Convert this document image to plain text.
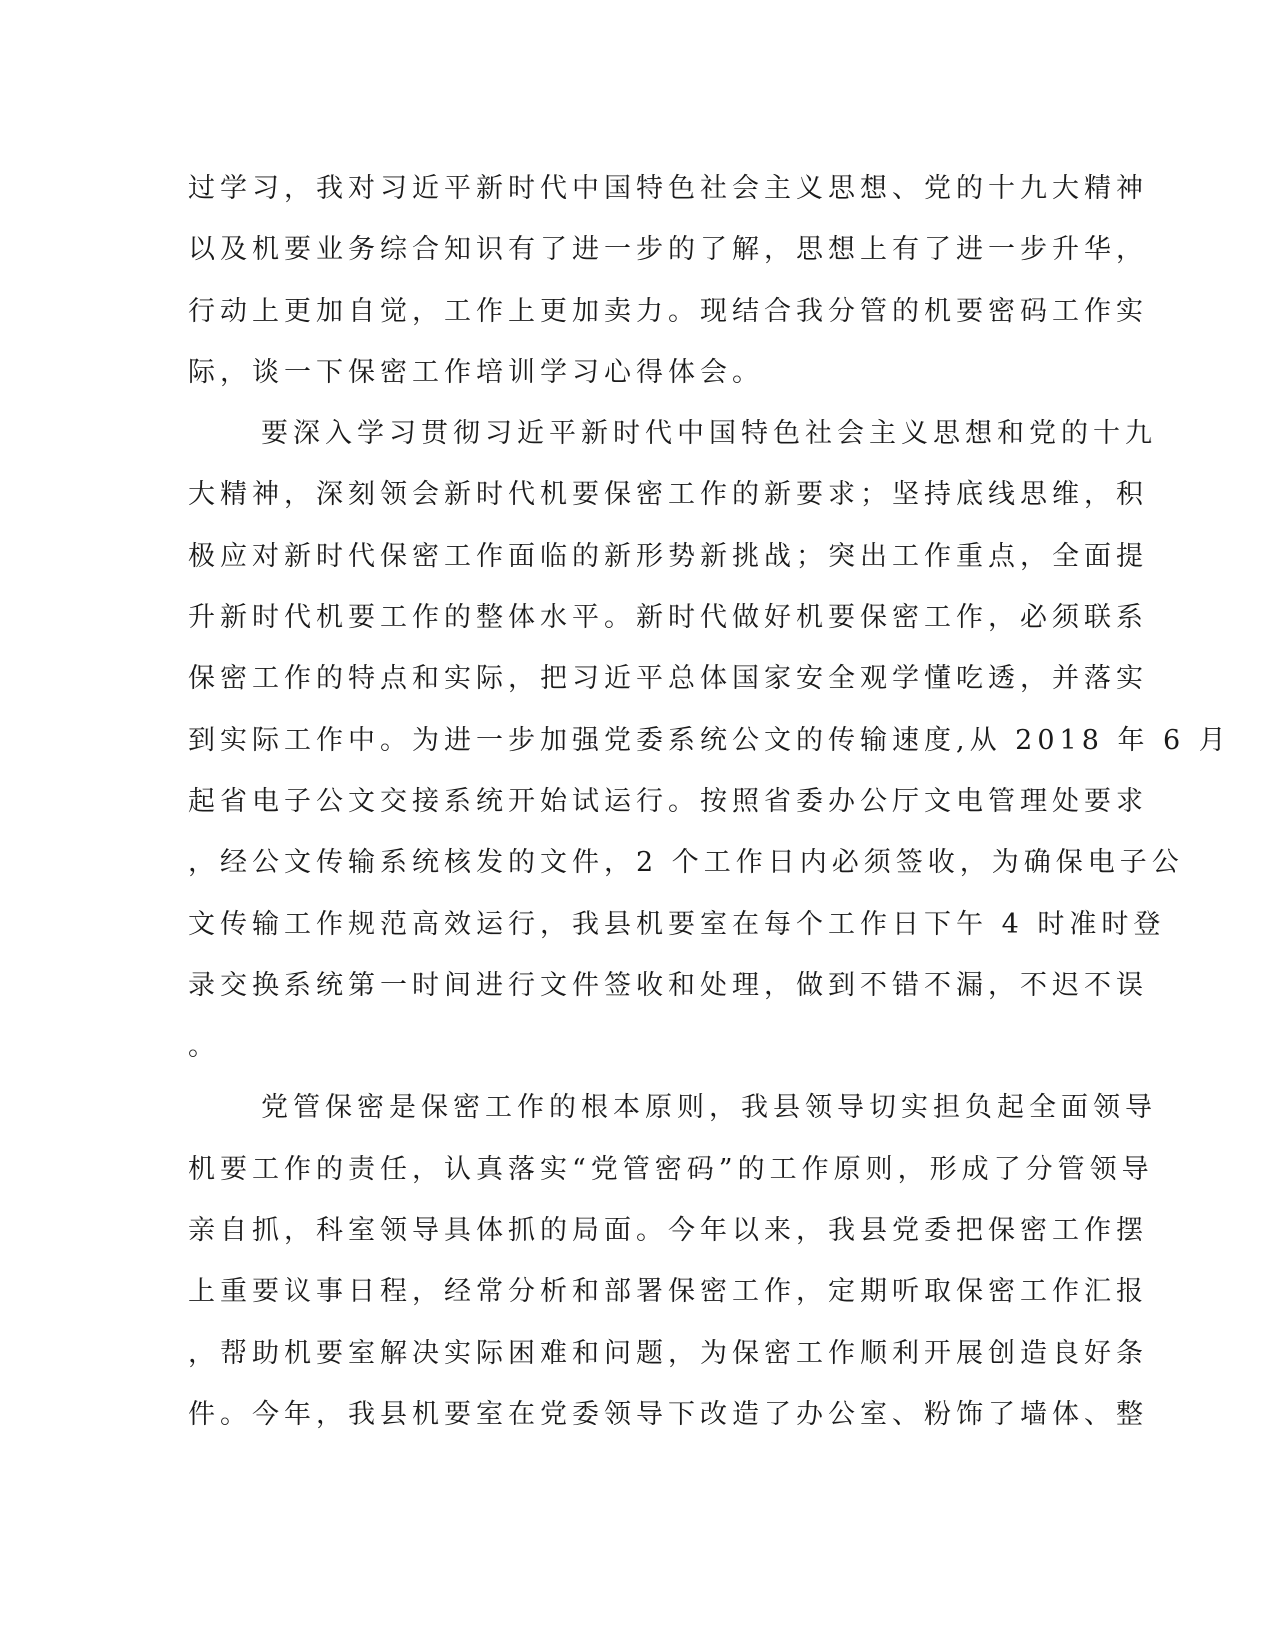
过学习，我对习近平新时代中国特色社会主义思想、党的十九大精神
以及机要业务综合知识有了进一步的了解，思想上有了进一步升华，
行动上更加自觉，工作上更加卖力。现结合我分管的机要密码工作实
际，谈一下保密工作培训学习心得体会。
要深入学习贯彻习近平新时代中国特色社会主义思想和党的十九
大精神，深刻领会新时代机要保密工作的新要求；坚持底线思维，积
极应对新时代保密工作面临的新形势新挑战；突出工作重点，全面提
升新时代机要工作的整体水平。新时代做好机要保密工作，必须联系
保密工作的特点和实际，把习近平总体国家安全观学懂吃透，并落实
到实际工作中。为进一步加强党委系统公文的传输速度,从 2018 年 6 月
起省电子公文交接系统开始试运行。按照省委办公厅文电管理处要求
，经公文传输系统核发的文件，2 个工作日内必须签收，为确保电子公
文传输工作规范高效运行，我县机要室在每个工作日下午 4 时准时登
录交换系统第一时间进行文件签收和处理，做到不错不漏，不迟不误
。
党管保密是保密工作的根本原则，我县领导切实担负起全面领导
机要工作的责任，认真落实“党管密码”的工作原则，形成了分管领导
亲自抓，科室领导具体抓的局面。今年以来，我县党委把保密工作摆
上重要议事日程，经常分析和部署保密工作，定期听取保密工作汇报
，帮助机要室解决实际困难和问题，为保密工作顺利开展创造良好条
件。今年，我县机要室在党委领导下改造了办公室、粉饰了墙体、整
